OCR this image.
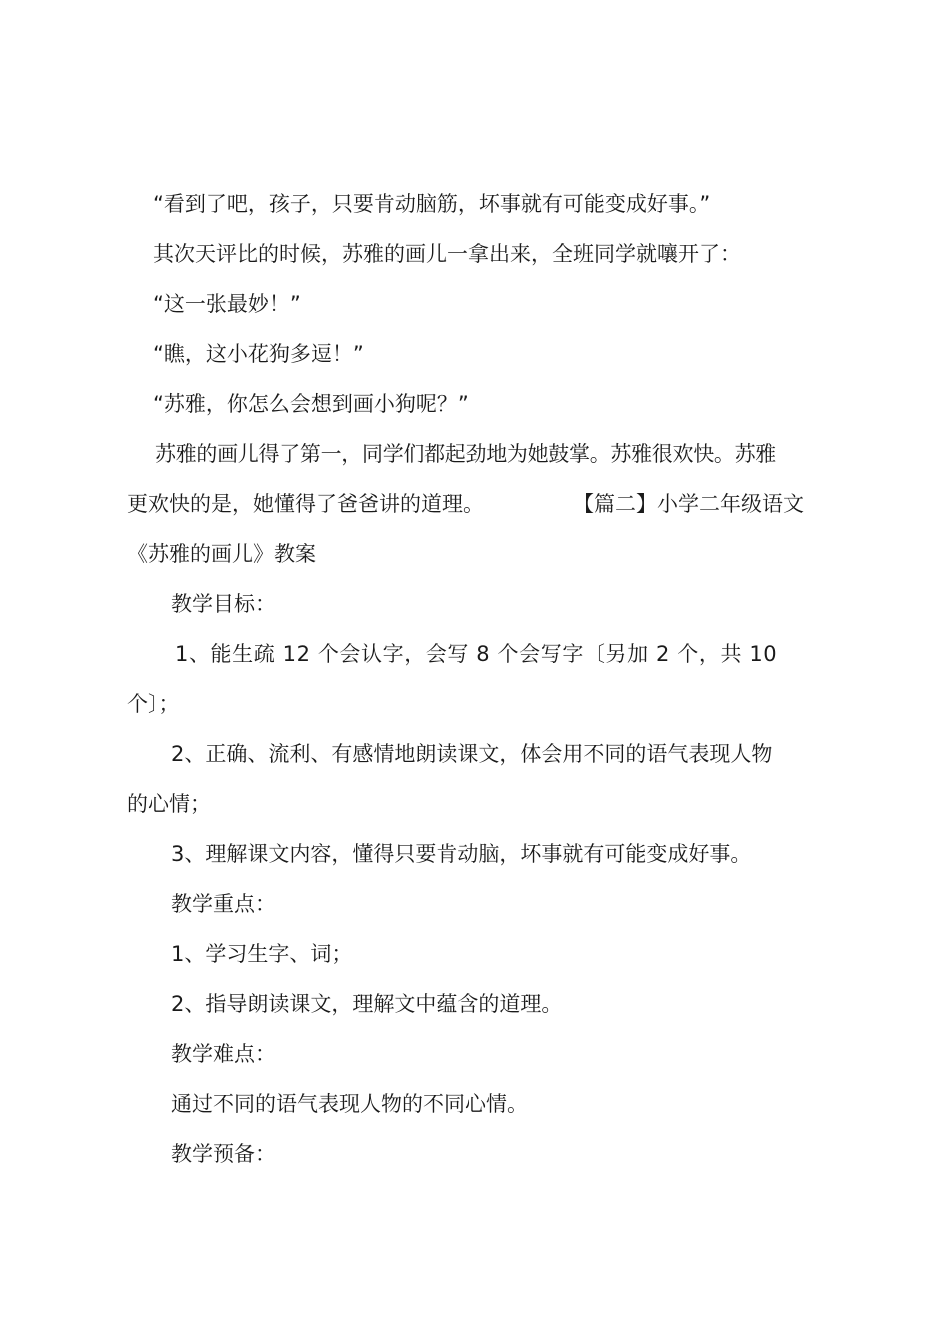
“看到了吧，孩子，只要肯动脑筋，坏事就有可能变成好事。”
其次天评比的时候，苏雅的画儿一拿出来，全班同学就嚷开了：
“这一张最妙！”
“瞧，这小花狗多逗！”
“苏雅，你怎么会想到画小狗呢？”
苏雅的画儿得了第一，同学们都起劲地为她鼓掌。苏雅很欢快。苏雅
更欢快的是，她懂得了爸爸讲的道理。	【篇二】小学二年级语文
《苏雅的画儿》教案
教学目标：
1、能生疏 12 个会认字，会写 8 个会写字〔另加 2 个，共 10
个〕；
2、正确、流利、有感情地朗读课文，体会用不同的语气表现人物
的心情；
3、理解课文内容，懂得只要肯动脑，坏事就有可能变成好事。
教学重点：
1、学习生字、词；
2、指导朗读课文，理解文中蕴含的道理。
教学难点：
通过不同的语气表现人物的不同心情。
教学预备：
